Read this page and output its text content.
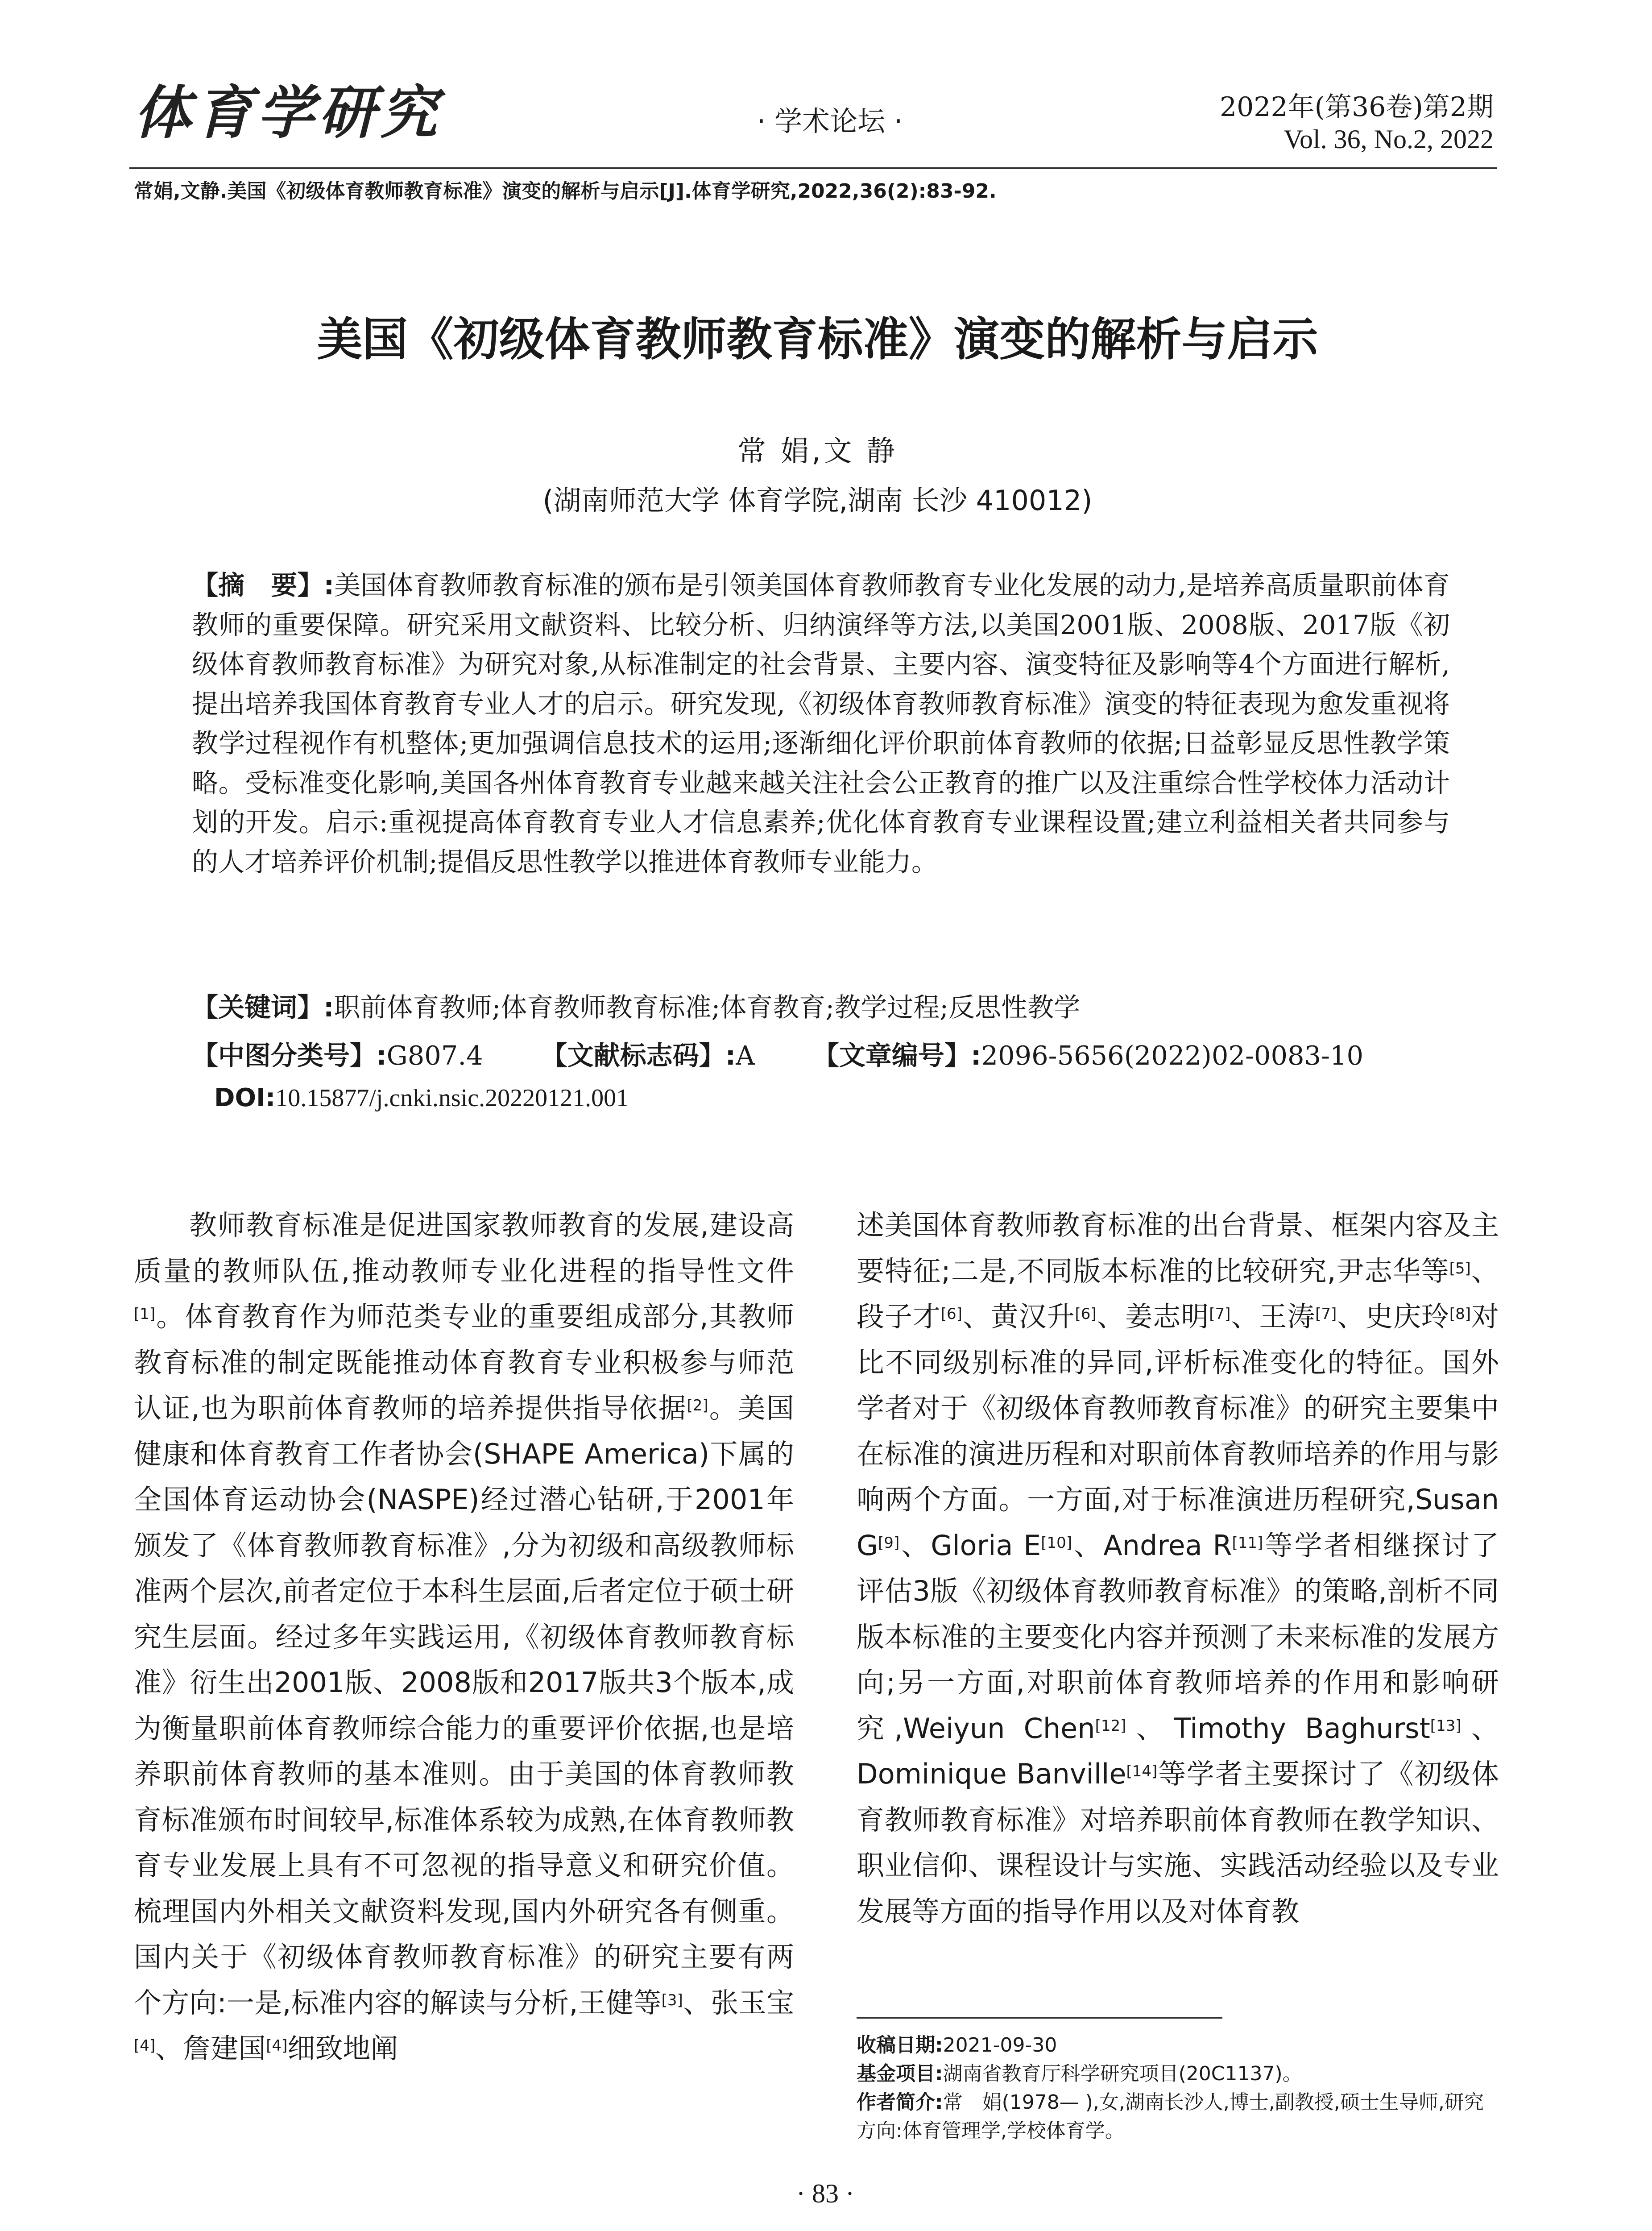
体育学研究	· 学术论坛 ·	2022年(第36卷)第2期
Vol. 36, No.2, 2022
常娟,文静.美国《初级体育教师教育标准》演变的解析与启示[J].体育学研究,2022,36(2):83-92.
美国《初级体育教师教育标准》演变的解析与启示
常 娟,文 静
(湖南师范大学 体育学院,湖南 长沙 410012)
【摘　要】:美国体育教师教育标准的颁布是引领美国体育教师教育专业化发展的动力,是培养高质量职前体育教师的重要保障。研究采用文献资料、比较分析、归纳演绎等方法,以美国2001版、2008版、2017版《初级体育教师教育标准》为研究对象,从标准制定的社会背景、主要内容、演变特征及影响等4个方面进行解析,提出培养我国体育教育专业人才的启示。研究发现,《初级体育教师教育标准》演变的特征表现为愈发重视将教学过程视作有机整体;更加强调信息技术的运用;逐渐细化评价职前体育教师的依据;日益彰显反思性教学策略。受标准变化影响,美国各州体育教育专业越来越关注社会公正教育的推广以及注重综合性学校体力活动计划的开发。启示:重视提高体育教育专业人才信息素养;优化体育教育专业课程设置;建立利益相关者共同参与的人才培养评价机制;提倡反思性教学以推进体育教师专业能力。
【关键词】:职前体育教师;体育教师教育标准;体育教育;教学过程;反思性教学
【中图分类号】:G807.4 【文献标志码】:A 【文章编号】:2096-5656(2022)02-0083-10
DOI:10.15877/j.cnki.nsic.20220121.001

教师教育标准是促进国家教师教育的发展,建设高质量的教师队伍,推动教师专业化进程的指导性文件[1]。体育教育作为师范类专业的重要组成部分,其教师教育标准的制定既能推动体育教育专业积极参与师范认证,也为职前体育教师的培养提供指导依据[2]。美国健康和体育教育工作者协会(SHAPE America)下属的全国体育运动协会(NASPE)经过潜心钻研,于2001年颁发了《体育教师教育标准》,分为初级和高级教师标准两个层次,前者定位于本科生层面,后者定位于硕士研究生层面。经过多年实践运用,《初级体育教师教育标准》衍生出2001版、2008版和2017版共3个版本,成为衡量职前体育教师综合能力的重要评价依据,也是培养职前体育教师的基本准则。由于美国的体育教师教育标准颁布时间较早,标准体系较为成熟,在体育教师教育专业发展上具有不可忽视的指导意义和研究价值。梳理国内外相关文献资料发现,国内外研究各有侧重。国内关于《初级体育教师教育标准》的研究主要有两个方向:一是,标准内容的解读与分析,王健等[3]、张玉宝[4]、詹建国[4]细致地阐

述美国体育教师教育标准的出台背景、框架内容及主要特征;二是,不同版本标准的比较研究,尹志华等[5]、段子才[6]、黄汉升[6]、姜志明[7]、王涛[7]、史庆玲[8]对比不同级别标准的异同,评析标准变化的特征。国外学者对于《初级体育教师教育标准》的研究主要集中在标准的演进历程和对职前体育教师培养的作用与影响两个方面。一方面,对于标准演进历程研究,Susan G[9]、Gloria E[10]、Andrea R[11]等学者相继探讨了评估3版《初级体育教师教育标准》的策略,剖析不同版本标准的主要变化内容并预测了未来标准的发展方向;另一方面,对职前体育教师培养的作用和影响研究,Weiyun Chen[12]、Timothy Baghurst[13]、Dominique Banville[14]等学者主要探讨了《初级体育教师教育标准》对培养职前体育教师在教学知识、职业信仰、课程设计与实施、实践活动经验以及专业发展等方面的指导作用以及对体育教

收稿日期:2021-09-30
基金项目:湖南省教育厅科学研究项目(20C1137)。
作者简介:常　娟(1978— ),女,湖南长沙人,博士,副教授,硕士生导师,研究方向:体育管理学,学校体育学。
· 83 ·
